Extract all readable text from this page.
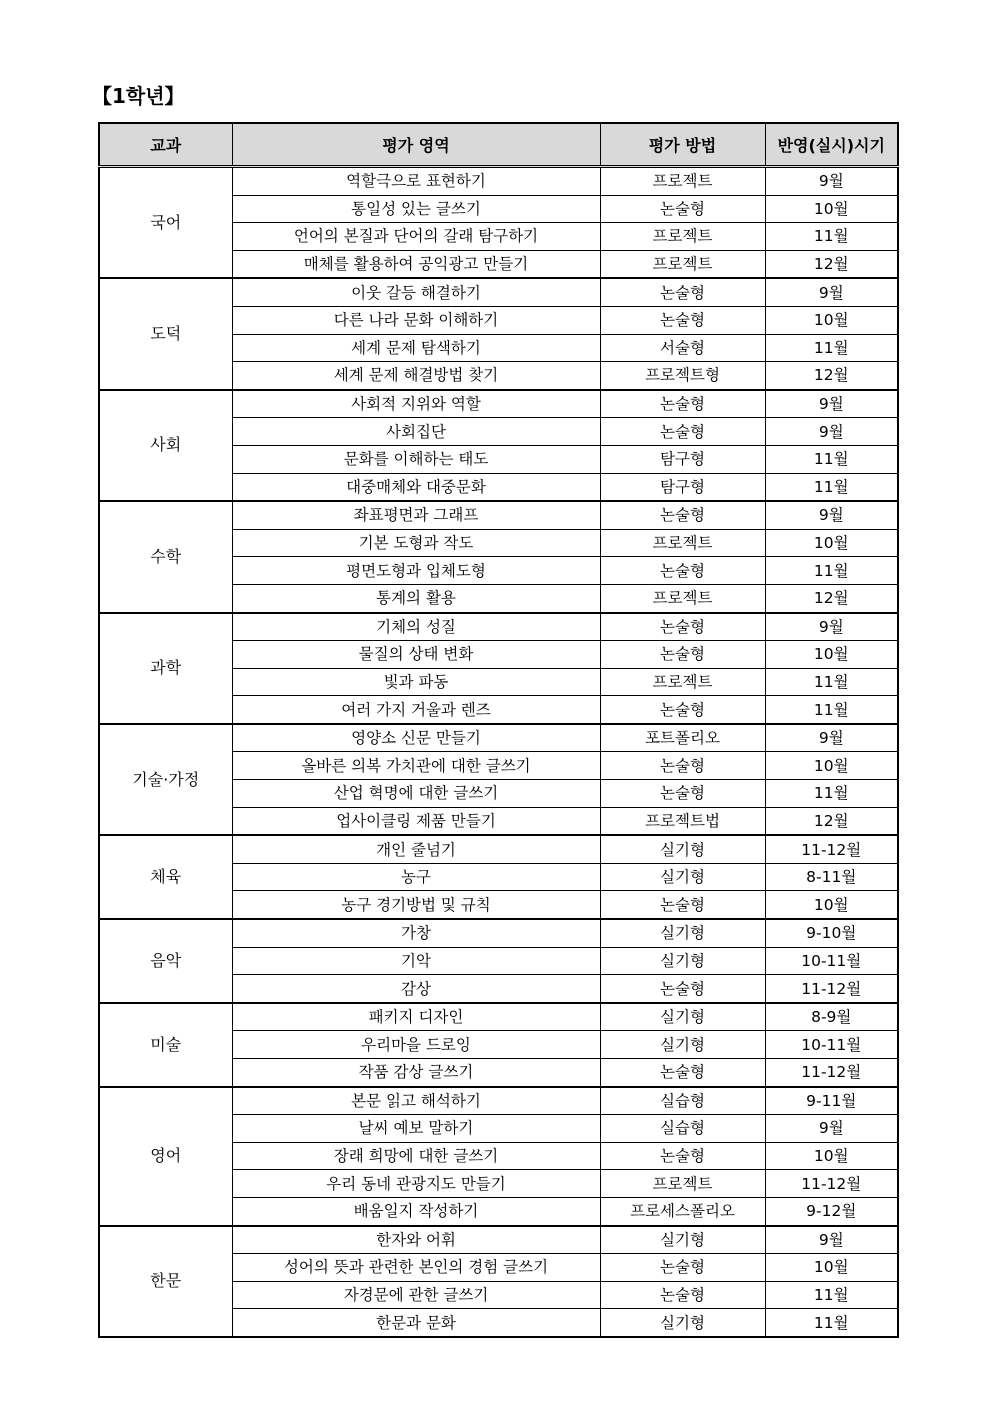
【1학년】
교과	평가 영역	평가 방법	반영(실시)시기
국어	역할극으로 표현하기	프로젝트	9월
	통일성 있는 글쓰기	논술형	10월
	언어의 본질과 단어의 갈래 탐구하기	프로젝트	11월
	매체를 활용하여 공익광고 만들기	프로젝트	12월
도덕	이웃 갈등 해결하기	논술형	9월
	다른 나라 문화 이해하기	논술형	10월
	세계 문제 탐색하기	서술형	11월
	세계 문제 해결방법 찾기	프로젝트형	12월
사회	사회적 지위와 역할	논술형	9월
	사회집단	논술형	9월
	문화를 이해하는 태도	탐구형	11월
	대중매체와 대중문화	탐구형	11월
수학	좌표평면과 그래프	논술형	9월
	기본 도형과 작도	프로젝트	10월
	평면도형과 입체도형	논술형	11월
	통계의 활용	프로젝트	12월
과학	기체의 성질	논술형	9월
	물질의 상태 변화	논술형	10월
	빛과 파동	프로젝트	11월
	여러 가지 거울과 렌즈	논술형	11월
기술·가정	영양소 신문 만들기	포트폴리오	9월
	올바른 의복 가치관에 대한 글쓰기	논술형	10월
	산업 혁명에 대한 글쓰기	논술형	11월
	업사이클링 제품 만들기	프로젝트법	12월
체육	개인 줄넘기	실기형	11-12월
	농구	실기형	8-11월
	농구 경기방법 및 규칙	논술형	10월
음악	가창	실기형	9-10월
	기악	실기형	10-11월
	감상	논술형	11-12월
미술	패키지 디자인	실기형	8-9월
	우리마을 드로잉	실기형	10-11월
	작품 감상 글쓰기	논술형	11-12월
영어	본문 읽고 해석하기	실습형	9-11월
	날씨 예보 말하기	실습형	9월
	장래 희망에 대한 글쓰기	논술형	10월
	우리 동네 관광지도 만들기	프로젝트	11-12월
	배움일지 작성하기	프로세스폴리오	9-12월
한문	한자와 어휘	실기형	9월
	성어의 뜻과 관련한 본인의 경험 글쓰기	논술형	10월
	자경문에 관한 글쓰기	논술형	11월
	한문과 문화	실기형	11월
